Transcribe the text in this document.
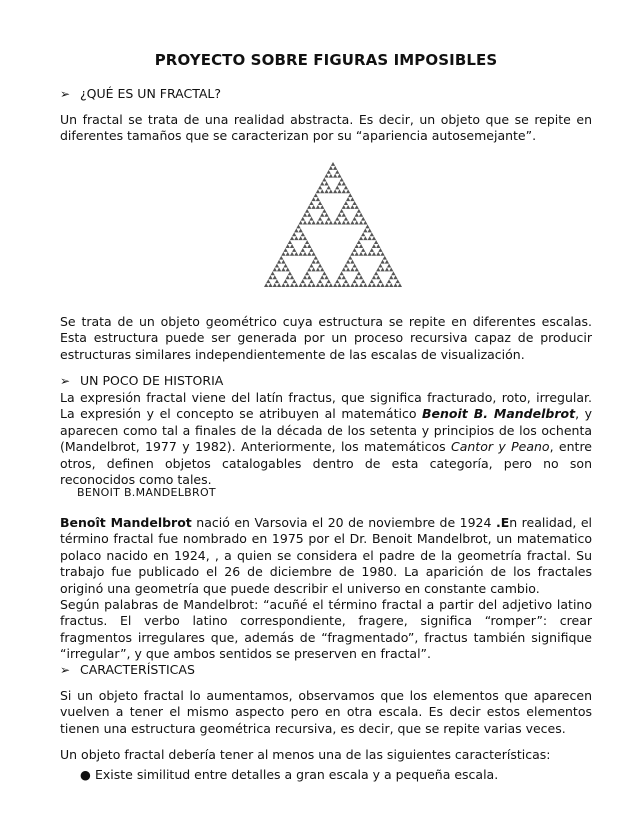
PROYECTO SOBRE FIGURAS IMPOSIBLES
➢ ¿QUÉ ES UN FRACTAL?

Un fractal se trata de una realidad abstracta. Es decir, un objeto que se repite en diferentes tamaños que se caracterizan por su “apariencia autosemejante”.

Se trata de un objeto geométrico cuya estructura se repite en diferentes escalas. Esta estructura puede ser generada por un proceso recursiva capaz de producir estructuras similares independientemente de las escalas de visualización.

➢ UN POCO DE HISTORIA

La expresión fractal viene del latín fractus, que significa fracturado, roto, irregular. La expresión y el concepto se atribuyen al matemático Benoit B. Mandelbrot, y aparecen como tal a finales de la década de los setenta y principios de los ochenta (Mandelbrot, 1977 y 1982). Anteriormente, los matemáticos Cantor y Peano, entre otros, definen objetos catalogables dentro de esta categoría, pero no son reconocidos como tales.

BENOIT B.MANDELBROT

Benoît Mandelbrot nació en Varsovia el 20 de noviembre de 1924 .En realidad, el término fractal fue nombrado en 1975 por el Dr. Benoit Mandelbrot, un matematico polaco nacido en 1924, , a quien se considera el padre de la geometría fractal. Su trabajo fue publicado el 26 de diciembre de 1980. La aparición de los fractales originó una geometría que puede describir el universo en constante cambio.

Según palabras de Mandelbrot: “acuñé el término fractal a partir del adjetivo latino fractus. El verbo latino correspondiente, fragere, significa “romper”: crear fragmentos irregulares que, además de “fragmentado”, fractus también signifique “irregular”, y que ambos sentidos se preserven en fractal”.

➢ CARACTERÍSTICAS

Si un objeto fractal lo aumentamos, observamos que los elementos que aparecen vuelven a tener el mismo aspecto pero en otra escala. Es decir estos elementos tienen una estructura geométrica recursiva, es decir, que se repite varias veces.

Un objeto fractal debería tener al menos una de las siguientes características:

● Existe similitud entre detalles a gran escala y a pequeña escala.
